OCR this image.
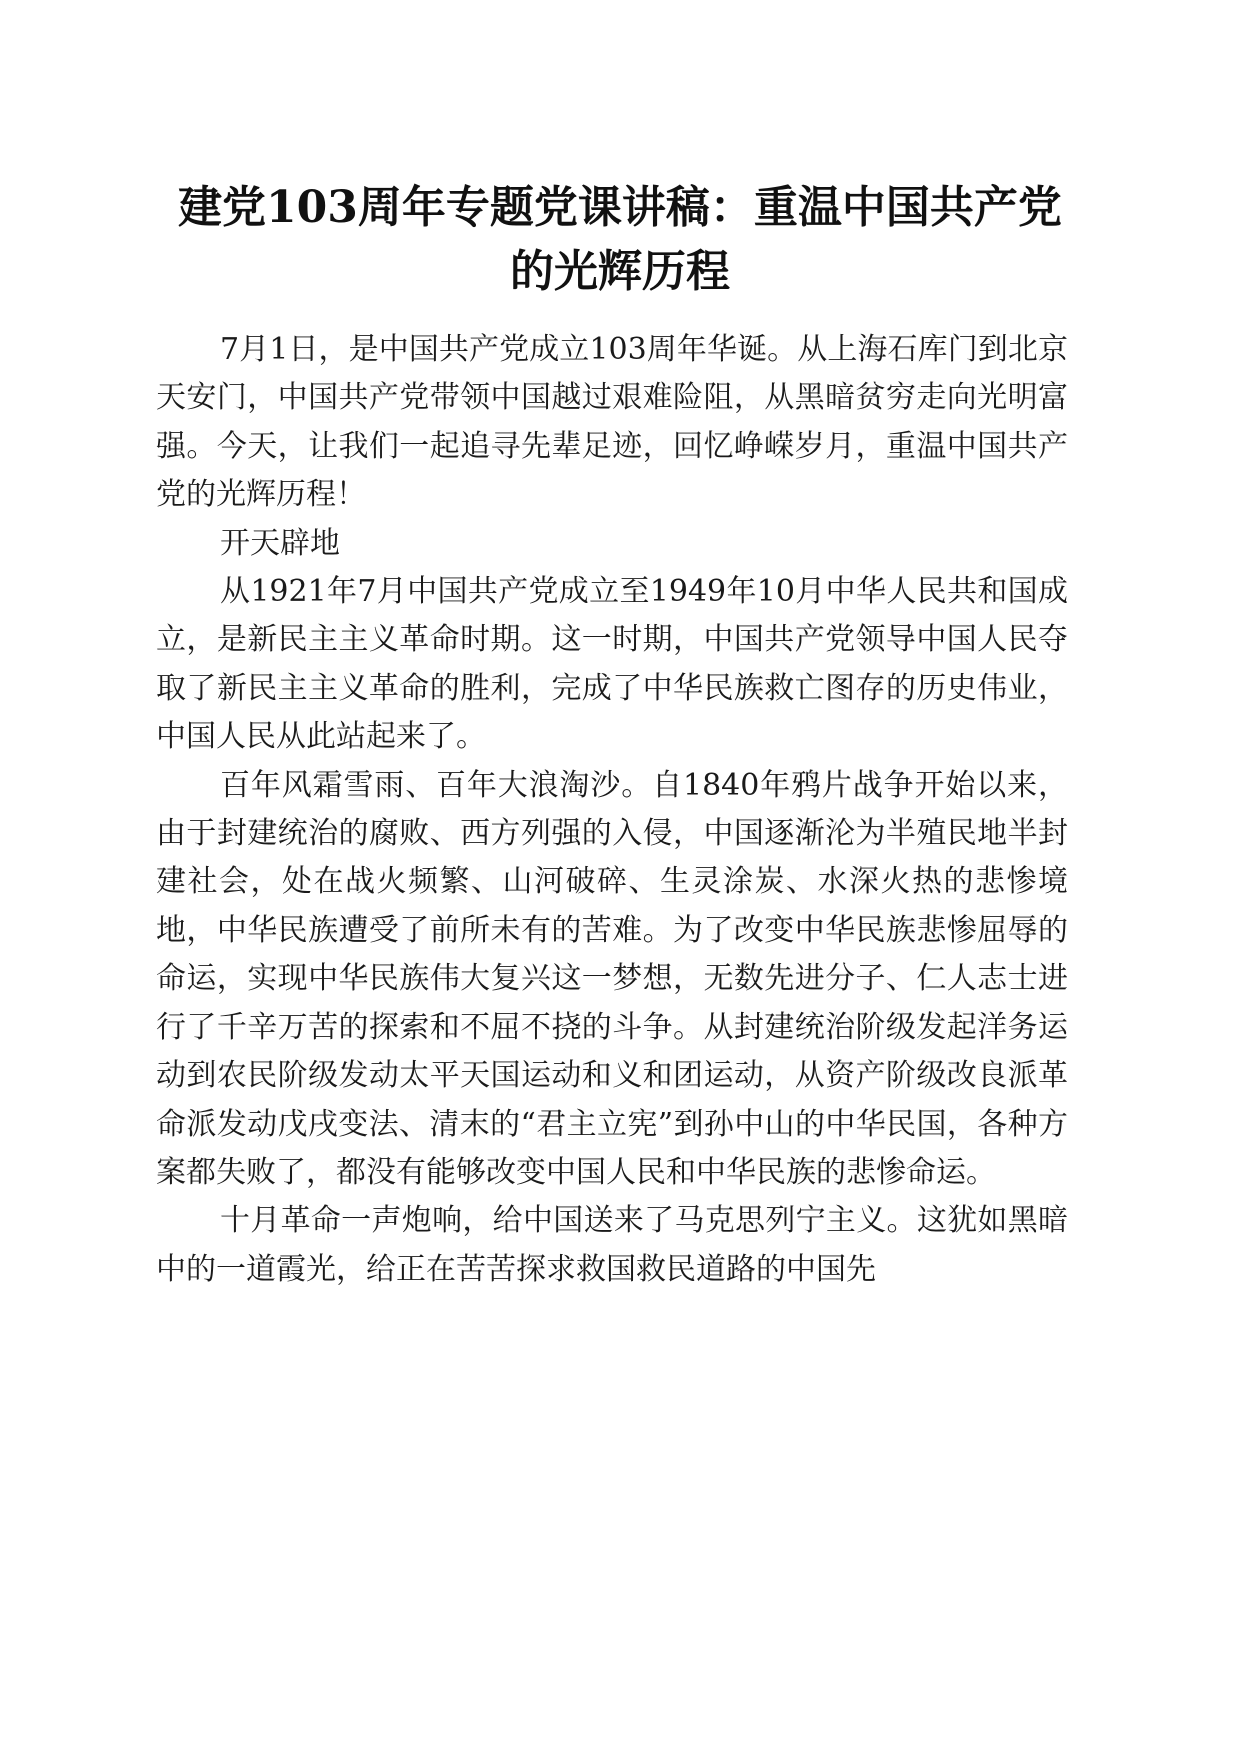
建党103周年专题党课讲稿：重温中国共产党
的光辉历程

7月1日，是中国共产党成立103周年华诞。从上海石库门到北京天安门，中国共产党带领中国越过艰难险阻，从黑暗贫穷走向光明富强。今天，让我们一起追寻先辈足迹，回忆峥嵘岁月，重温中国共产党的光辉历程！

开天辟地

从1921年7月中国共产党成立至1949年10月中华人民共和国成立，是新民主主义革命时期。这一时期，中国共产党领导中国人民夺取了新民主主义革命的胜利，完成了中华民族救亡图存的历史伟业，中国人民从此站起来了。

百年风霜雪雨、百年大浪淘沙。自1840年鸦片战争开始以来，由于封建统治的腐败、西方列强的入侵，中国逐渐沦为半殖民地半封建社会，处在战火频繁、山河破碎、生灵涂炭、水深火热的悲惨境地，中华民族遭受了前所未有的苦难。为了改变中华民族悲惨屈辱的命运，实现中华民族伟大复兴这一梦想，无数先进分子、仁人志士进行了千辛万苦的探索和不屈不挠的斗争。从封建统治阶级发起洋务运动到农民阶级发动太平天国运动和义和团运动，从资产阶级改良派革命派发动戊戌变法、清末的“君主立宪”到孙中山的中华民国，各种方案都失败了，都没有能够改变中国人民和中华民族的悲惨命运。

十月革命一声炮响，给中国送来了马克思列宁主义。这犹如黑暗中的一道霞光，给正在苦苦探求救国救民道路的中国先
